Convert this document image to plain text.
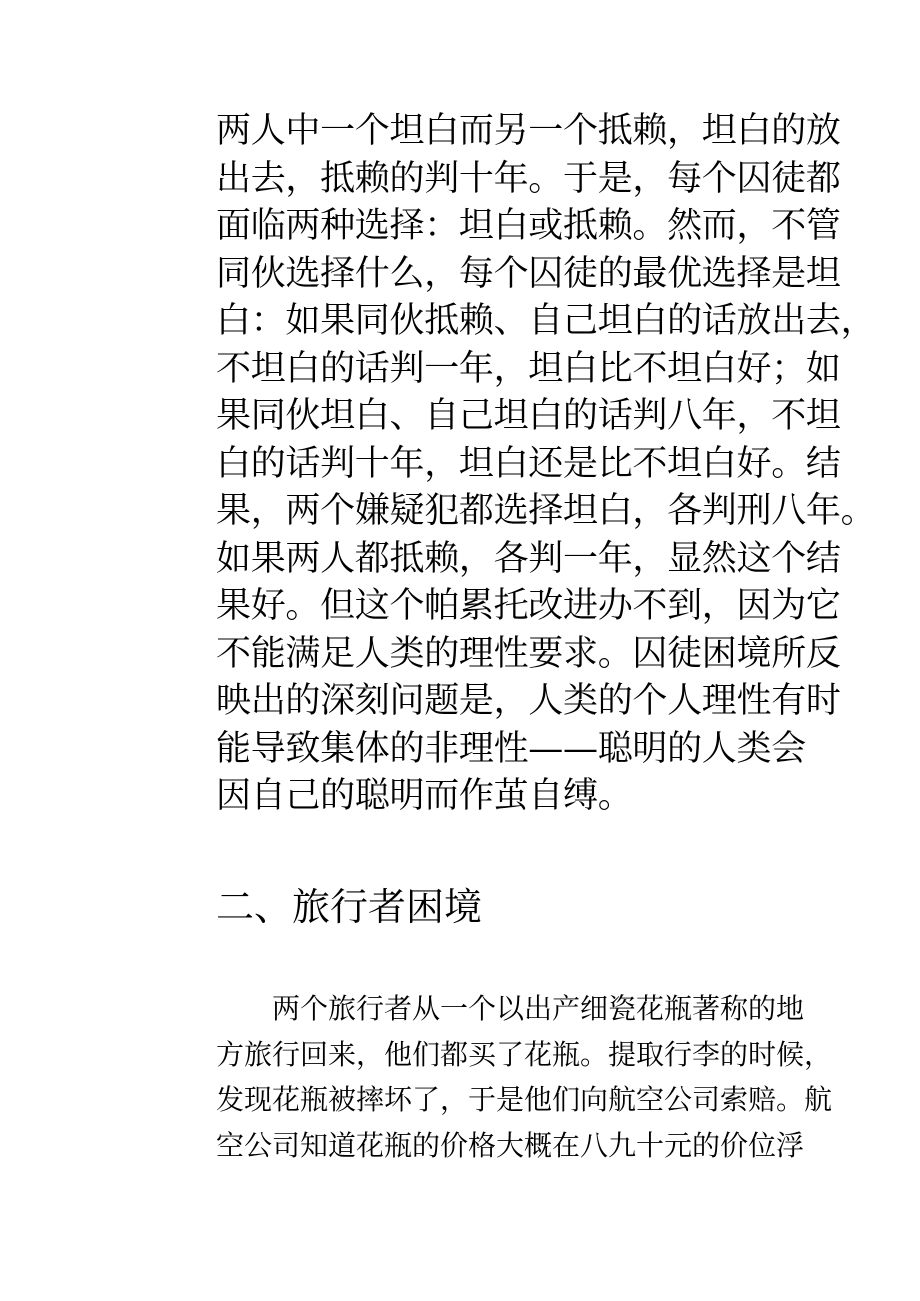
两人中一个坦白而另一个抵赖，坦白的放
出去，抵赖的判十年。于是，每个囚徒都
面临两种选择：坦白或抵赖。然而，不管
同伙选择什么，每个囚徒的最优选择是坦
白：如果同伙抵赖、自己坦白的话放出去，
不坦白的话判一年，坦白比不坦白好；如
果同伙坦白、自己坦白的话判八年，不坦
白的话判十年，坦白还是比不坦白好。结
果，两个嫌疑犯都选择坦白，各判刑八年。
如果两人都抵赖，各判一年，显然这个结
果好。但这个帕累托改进办不到，因为它
不能满足人类的理性要求。囚徒困境所反
映出的深刻问题是，人类的个人理性有时
能导致集体的非理性——聪明的人类会
因自己的聪明而作茧自缚。
二、旅行者困境
两个旅行者从一个以出产细瓷花瓶著称的地
方旅行回来，他们都买了花瓶。提取行李的时候，
发现花瓶被摔坏了，于是他们向航空公司索赔。航
空公司知道花瓶的价格大概在八九十元的价位浮
